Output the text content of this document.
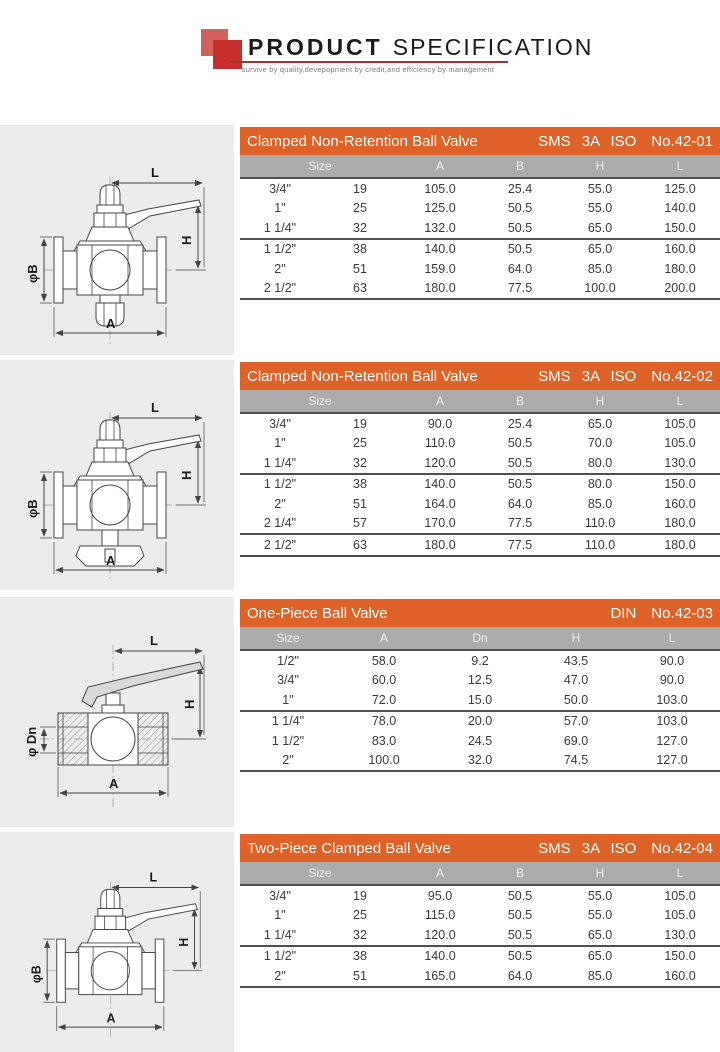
PRODUCT SPECIFICATION
survive by quality,devepopment by credit,and efficiency by management
L
H
φB
A
Clamped Non-Retention Ball Valve	SMS 3A ISO No.42-01
Size		A	B	H	L
3/4"	19	105.0	25.4	55.0	125.0
1"	25	125.0	50.5	55.0	140.0
1 1/4"	32	132.0	50.5	65.0	150.0
1 1/2"	38	140.0	50.5	65.0	160.0
2"	51	159.0	64.0	85.0	180.0
2 1/2"	63	180.0	77.5	100.0	200.0
L
H
φB
A
Clamped Non-Retention Ball Valve	SMS 3A ISO No.42-02
Size		A	B	H	L
3/4"	19	90.0	25.4	65.0	105.0
1"	25	110.0	50.5	70.0	105.0
1 1/4"	32	120.0	50.5	80.0	130.0
1 1/2"	38	140.0	50.5	80.0	150.0
2"	51	164.0	64.0	85.0	160.0
2 1/4"	57	170.0	77.5	110.0	180.0
2 1/2"	63	180.0	77.5	110.0	180.0
L
H
φ Dn
A
One-Piece Ball Valve	DIN No.42-03
Size	A	Dn	H	L
1/2"	58.0	9.2	43.5	90.0
3/4"	60.0	12.5	47.0	90.0
1"	72.0	15.0	50.0	103.0
1 1/4"	78.0	20.0	57.0	103.0
1 1/2"	83.0	24.5	69.0	127.0
2"	100.0	32.0	74.5	127.0
L
H
φB
A
Two-Piece Clamped Ball Valve	SMS 3A ISO No.42-04
Size		A	B	H	L
3/4"	19	95.0	50.5	55.0	105.0
1"	25	115.0	50.5	55.0	105.0
1 1/4"	32	120.0	50.5	65.0	130.0
1 1/2"	38	140.0	50.5	65.0	150.0
2"	51	165.0	64.0	85.0	160.0
